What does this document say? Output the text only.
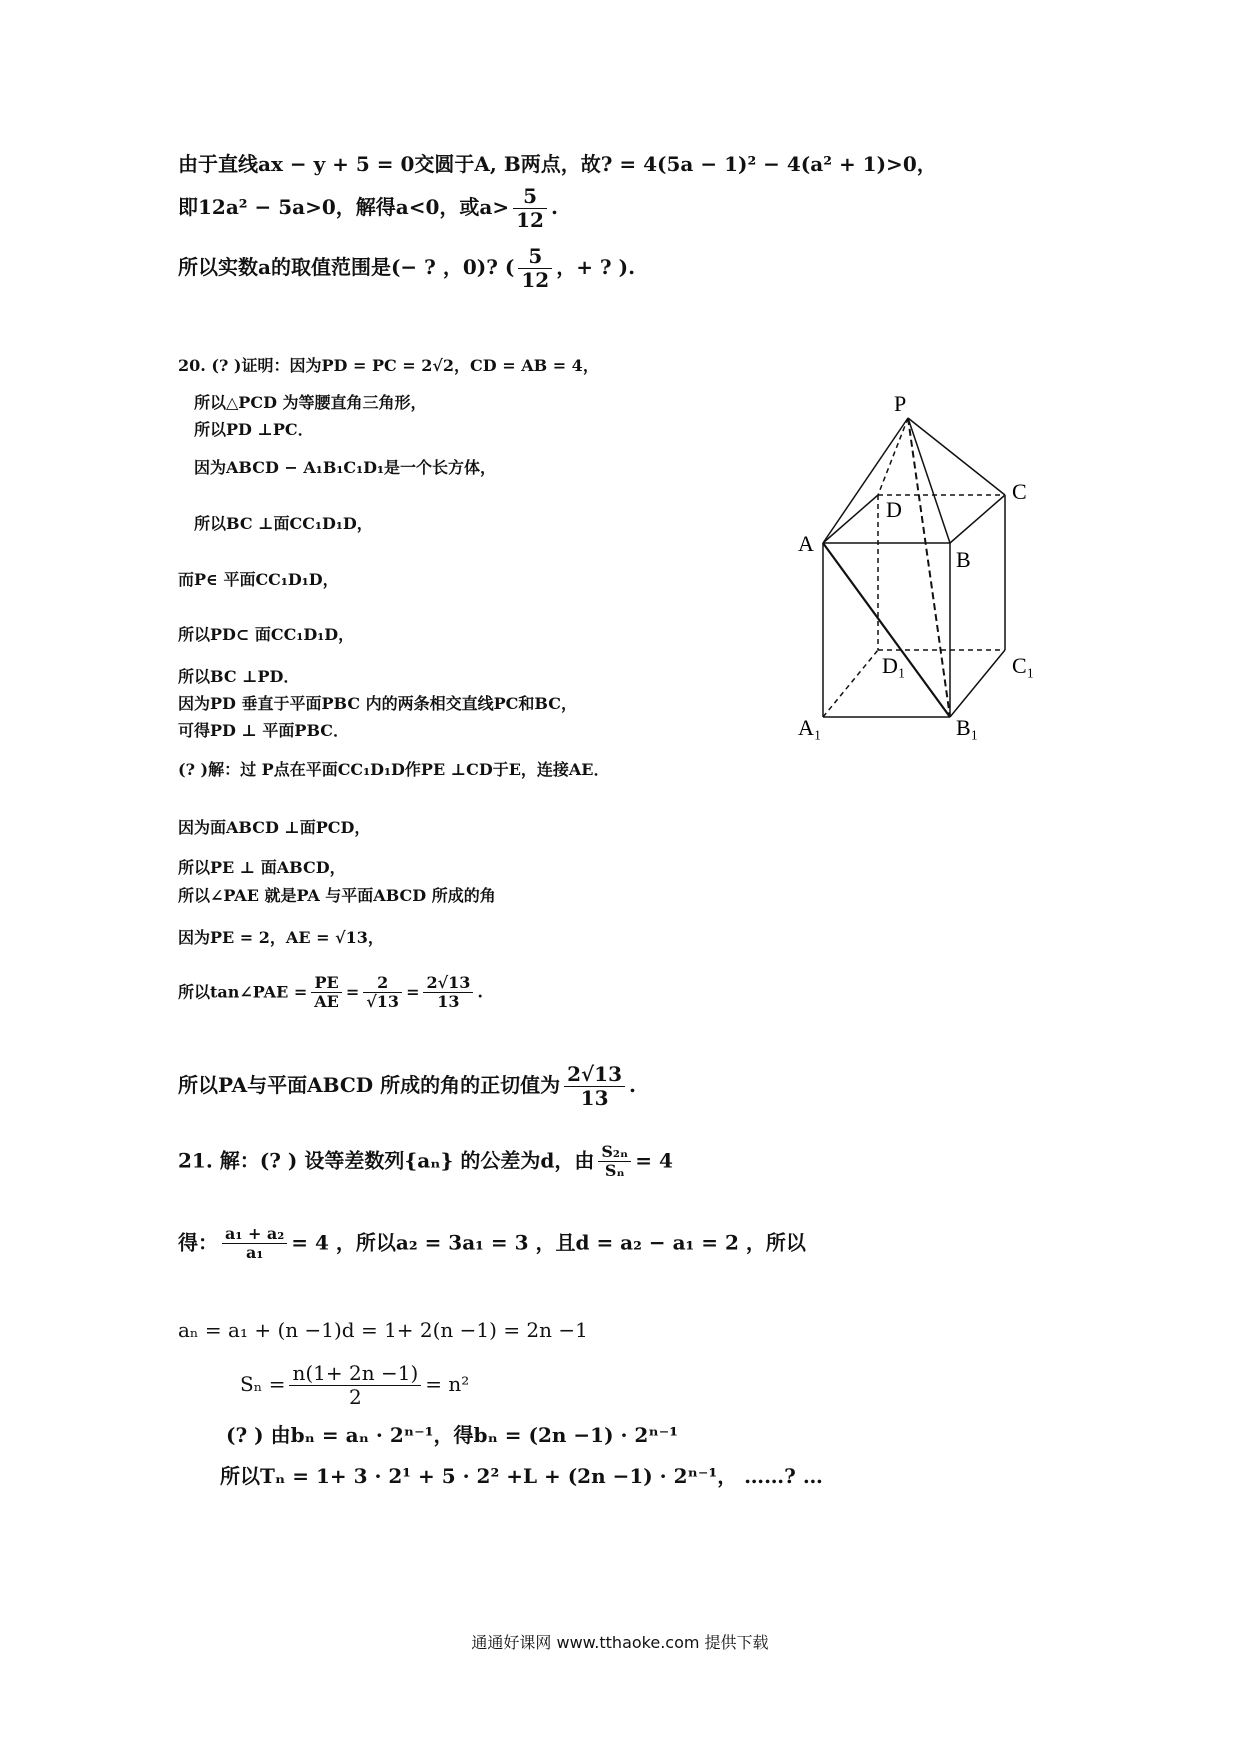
由于直线ax − y + 5 = 0交圆于A, B两点，故? = 4(5a − 1)² − 4(a² + 1)>0，
即12a² − 5a>0，解得a<0，或$a> \frac{5}{12}$ .
所以实数a的取值范围是(− ? ，0)? ( $\frac{5}{12}$ ，+ ? ).
20. (? )证明：因为PD = PC = 2√2，CD = AB = 4，
所以△PCD 为等腰直角三角形，
所以PD ⊥PC．
因为ABCD − A₁B₁C₁D₁是一个长方体，
所以BC ⊥面CC₁D₁D，
而P∈ 平面CC₁D₁D，
所以PD⊂ 面CC₁D₁D，
所以BC ⊥PD．
因为PD 垂直于平面PBC 内的两条相交直线PC和BC，
可得PD ⊥ 平面PBC．
(? )解：过 P点在平面CC₁D₁D作PE ⊥CD于E，连接AE．
因为面ABCD ⊥面PCD，
所以PE ⊥ 面ABCD，
所以∠PAE 就是PA 与平面ABCD 所成的角
因为PE = 2，AE = √13，
所以tan∠PAE = $\frac{PE}{AE} = \frac{2}{√13} = \frac{2√13}{13}$ .
所以PA与平面ABCD 所成的角的正切值为 $\frac{2√13}{13}$ .
21. 解：(? ) 设等差数列{aₙ} 的公差为d，由 $\frac{\text{S₂ₙ}}{\text{Sₙ}} = 4$
得： $\frac{\text{a₁ + a₂}}{\text{a₁}} = 4$ ，所以a₂ = 3a₁ = 3 ，且d = a₂ − a₁ = 2 ，所以
aₙ = a₁ + (n −1)d = 1+ 2(n −1) = 2n −1
$S_n = \frac{n(1+ 2n -1)}{2} = n^2$
(? ) 由bₙ = aₙ · 2ⁿ⁻¹，得bₙ = (2n −1) · 2ⁿ⁻¹
所以Tₙ = 1+ 3 · 2¹ + 5 · 2² +L + (2n −1) · 2ⁿ⁻¹， ……? …
P
C
D
A
B
D₁	C₁
A₁	B₁
通通好课网 www.tthaoke.com 提供下载
